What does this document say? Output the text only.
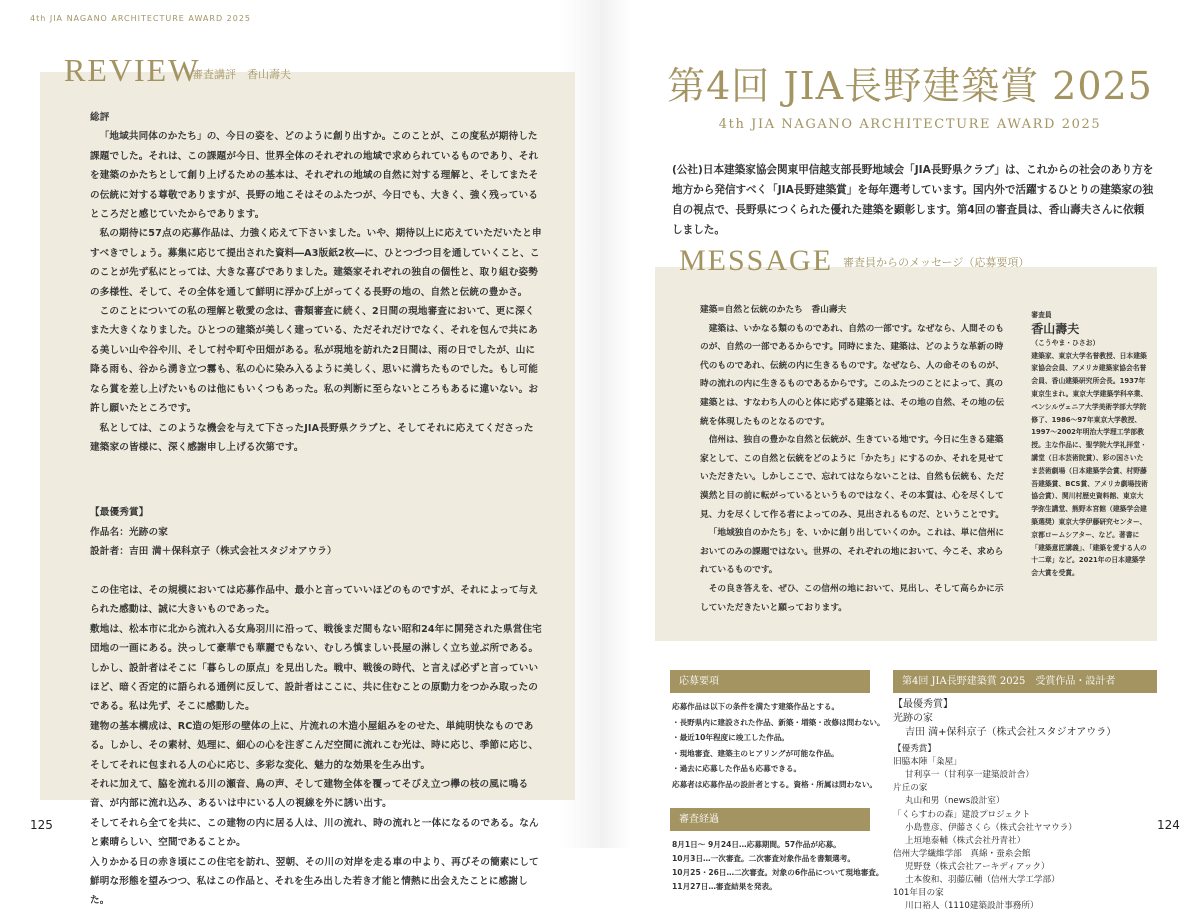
4th JIA NAGANO ARCHITECTURE AWARD 2025
REVIEW
審査講評　香山壽夫

総評

「地域共同体のかたち」の、今日の姿を、どのように創り出すか。このことが、この度私が期待した課題でした。それは、この課題が今日、世界全体のそれぞれの地域で求められているものであり、それを建築のかたちとして創り上げるための基本は、それぞれの地域の自然に対する理解と、そしてまたその伝統に対する尊敬でありますが、長野の地こそはそのふたつが、今日でも、大きく、強く残っているところだと感じていたからであります。

私の期待に57点の応募作品は、力強く応えて下さいました。いや、期待以上に応えていただいたと申すべきでしょう。募集に応じて提出された資料―A3版紙2枚―に、ひとつづつ目を通していくこと、このことが先ず私にとっては、大きな喜びでありました。建築家それぞれの独自の個性と、取り組む姿勢の多様性、そして、その全体を通して鮮明に浮かび上がってくる長野の地の、自然と伝統の豊かさ。

このことについての私の理解と敬愛の念は、書類審査に続く、2日間の現地審査において、更に深くまた大きくなりました。ひとつの建築が美しく建っている、ただそれだけでなく、それを包んで共にある美しい山や谷や川、そして村や町や田畑がある。私が現地を訪れた2日間は、雨の日でしたが、山に降る雨も、谷から湧き立つ霧も、私の心に染み入るように美しく、思いに満ちたものでした。もし可能なら賞を差し上げたいものは他にもいくつもあった。私の判断に至らないところもあるに違いない。お許し願いたところです。

私としては、このような機会を与えて下さったJIA長野県クラブと、そしてそれに応えてくださった建築家の皆様に、深く感謝申し上げる次第です。

【最優秀賞】

作品名：光跡の家

設計者：吉田 満＋保科京子（株式会社スタジオアウラ）

この住宅は、その規模においては応募作品中、最小と言っていいほどのものですが、それによって与えられた感動は、誠に大きいものであった。

敷地は、松本市に北から流れ入る女鳥羽川に沿って、戦後まだ間もない昭和24年に開発された県営住宅団地の一画にある。決っして豪華でも華麗でもない、むしろ慎ましい長屋の淋しく立ち並ぶ所である。しかし、設計者はそこに「暮らしの原点」を見出した。戦中、戦後の時代、と言えば必ずと言っていいほど、暗く否定的に語られる通例に反して、設計者はここに、共に住むことの原動力をつかみ取ったのである。私は先ず、そこに感動した。

建物の基本構成は、RC造の矩形の壁体の上に、片流れの木造小屋組みをのせた、単純明快なものである。しかし、その素材、処理に、細心の心を注ぎこんだ空間に流れこむ光は、時に応じ、季節に応じ、そしてそれに包まれる人の心に応じ、多彩な変化、魅力的な効果を生み出す。

それに加えて、脇を流れる川の瀬音、鳥の声、そして建物全体を覆ってそびえ立つ欅の枝の風に鳴る音、が内部に流れ込み、あるいは中にいる人の視線を外に誘い出す。

そしてそれら全てを共に、この建物の内に居る人は、川の流れ、時の流れと一体になるのである。なんと素晴らしい、空間であることか。

入りかかる日の赤き頃にこの住宅を訪れ、翌朝、その川の対岸を走る車の中より、再びその簡素にして鮮明な形態を望みつつ、私はこの作品と、それを生み出した若き才能と情熱に出会えたことに感謝した。

125
第4回 JIA長野建築賞 2025
4th JIA NAGANO ARCHITECTURE AWARD 2025
(公社)日本建築家協会関東甲信越支部長野地域会「JIA長野県クラブ」は、これからの社会のあり方を地方から発信すべく「JIA長野建築賞」を毎年選考しています。国内外で活躍するひとりの建築家の独自の視点で、長野県につくられた優れた建築を顕彰します。第4回の審査員は、香山壽夫さんに依頼しました。
MESSAGE 審査員からのメッセージ（応募要項）

建築=自然と伝統のかたち　香山壽夫

建築は、いかなる類のものであれ、自然の一部です。なぜなら、人間そのものが、自然の一部であるからです。同時にまた、建築は、どのような革新の時代のものであれ、伝統の内に生きるものです。なぜなら、人の命そのものが、時の流れの内に生きるものであるからです。このふたつのことによって、真の建築とは、すなわち人の心と体に応ずる建築とは、その地の自然、その地の伝統を体現したものとなるのです。

信州は、独自の豊かな自然と伝統が、生きている地です。今日に生きる建築家として、この自然と伝統をどのように「かたち」にするのか、それを見せていただきたい。しかしここで、忘れてはならないことは、自然も伝統も、ただ漠然と目の前に転がっているというものではなく、その本質は、心を尽くして見、力を尽くして作る者によってのみ、見出されるものだ、ということです。

「地域独自のかたち」を、いかに創り出していくのか。これは、単に信州においてのみの課題ではない。世界の、それぞれの地において、今こそ、求められているものです。

その良き答えを、ぜひ、この信州の地において、見出し、そして高らかに示していただきたいと願っております。

審査員
香山壽夫
（こうやま・ひさお）
建築家、東京大学名誉教授、日本建築家協会会員、アメリカ建築家協会名誉会員、香山建築研究所会長。1937年東京生まれ。東京大学建築学科卒業、ペンシルヴェニア大学美術学部大学院修了、1986～97年東京大学教授、1997～2002年明治大学理工学部教授。主な作品に、聖学院大学礼拝堂・講堂（日本芸術院賞）、彩の国さいたま芸術劇場（日本建築学会賞、村野藤吾建築賞、BCS賞、アメリカ劇場技術協会賞）、関川村歴史資料館、東京大学弥生講堂、熊野本宮館（建築学会建築選奨）東京大学伊藤研究センター、京都ロームシアター、など。著書に「建築意匠講義」、「建築を愛する人の十二章」など。2021年の日本建築学会大賞を受賞。
応募要項
応募作品は以下の条件を満たす建築作品とする。
・長野県内に建設された作品、新築・増築・改修は問わない。
・最近10年程度に竣工した作品。
・現地審査、建築主のヒアリングが可能な作品。
・過去に応募した作品も応募できる。
応募者は応募作品の設計者とする。資格・所属は問わない。
審査経過
8月1日～ 9月24日…応募期間。57作品が応募。
10月3日…一次審査。二次審査対象作品を書類選考。
10月25・26日…二次審査。対象の6作品について現地審査。
11月27日…審査結果を発表。
第4回 JIA長野建築賞 2025　受賞作品・設計者
【最優秀賞】
光跡の家
吉田 満+保科京子（株式会社スタジオアウラ）
【優秀賞】
旧脇本陣「粂屋」
甘利享一（甘利享一建築設計舎）
片丘の家
丸山和男（news設計室）
「くらすわの森」建設プロジェクト
小島豊彦、伊藤さくら（株式会社ヤマウラ）
上垣地泰輔（株式会社丹青社）
信州大学繊維学部　真綿・蚕糸会館
児野登（株式会社アーキディアック）
土本俊和、羽藤広輔（信州大学工学部）
101年目の家
川口裕人（1110建築設計事務所）
124
